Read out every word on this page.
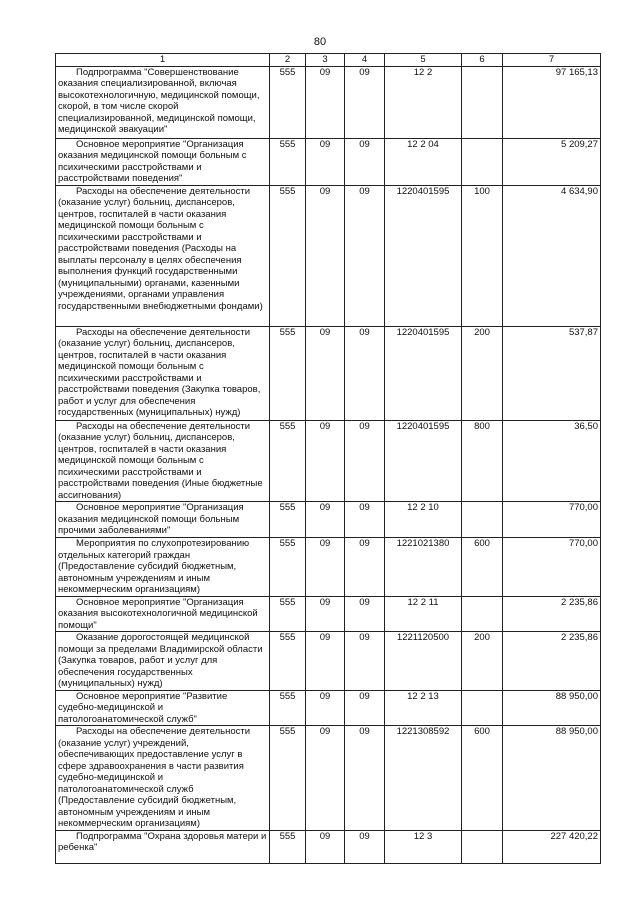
80
1	2	3	4	5	6	7

Подпрограмма "Совершенствование оказания специализированной, включая высокотехнологичную, медицинской помощи, скорой, в том числе скорой специализированной, медицинской помощи, медицинской эвакуации"	555	09	09	12 2		97 165,13

Основное мероприятие "Организация оказания медицинской помощи больным с психическими расстройствами и расстройствами поведения"	555	09	09	12 2 04		5 209,27

Расходы на обеспечение деятельности (оказание услуг) больниц, диспансеров, центров, госпиталей в части оказания медицинской помощи больным с психическими расстройствами и расстройствами поведения (Расходы на выплаты персоналу в целях обеспечения выполнения функций государственными (муниципальными) органами, казенными учреждениями, органами управления государственными внебюджетными фондами)	555	09	09	1220401595	100	4 634,90

Расходы на обеспечение деятельности (оказание услуг) больниц, диспансеров, центров, госпиталей в части оказания медицинской помощи больным с психическими расстройствами и расстройствами поведения (Закупка товаров, работ и услуг для обеспечения государственных (муниципальных) нужд)	555	09	09	1220401595	200	537,87

Расходы на обеспечение деятельности (оказание услуг) больниц, диспансеров, центров, госпиталей в части оказания медицинской помощи больным с психическими расстройствами и расстройствами поведения (Иные бюджетные ассигнования)	555	09	09	1220401595	800	36,50

Основное мероприятие "Организация оказания медицинской помощи больным прочими заболеваниями"	555	09	09	12 2 10		770,00

Мероприятия по слухопротезированию отдельных категорий граждан (Предоставление субсидий бюджетным, автономным учреждениям и иным некоммерческим организациям)	555	09	09	1221021380	600	770,00

Основное мероприятие "Организация оказания высокотехнологичной медицинской помощи"	555	09	09	12 2 11		2 235,86

Оказание дорогостоящей медицинской помощи за пределами Владимирской области (Закупка товаров, работ и услуг для обеспечения государственных (муниципальных) нужд)	555	09	09	1221120500	200	2 235,86

Основное мероприятие "Развитие судебно-медицинской и патологоанатомической служб"	555	09	09	12 2 13		88 950,00

Расходы на обеспечение деятельности (оказание услуг) учреждений, обеспечивающих предоставление услуг в сфере здравоохранения в части развития судебно-медицинской и патологоанатомической служб (Предоставление субсидий бюджетным, автономным учреждениям и иным некоммерческим организациям)	555	09	09	1221308592	600	88 950,00

Подпрограмма "Охрана здоровья матери и ребенка"	555	09	09	12 3		227 420,22
